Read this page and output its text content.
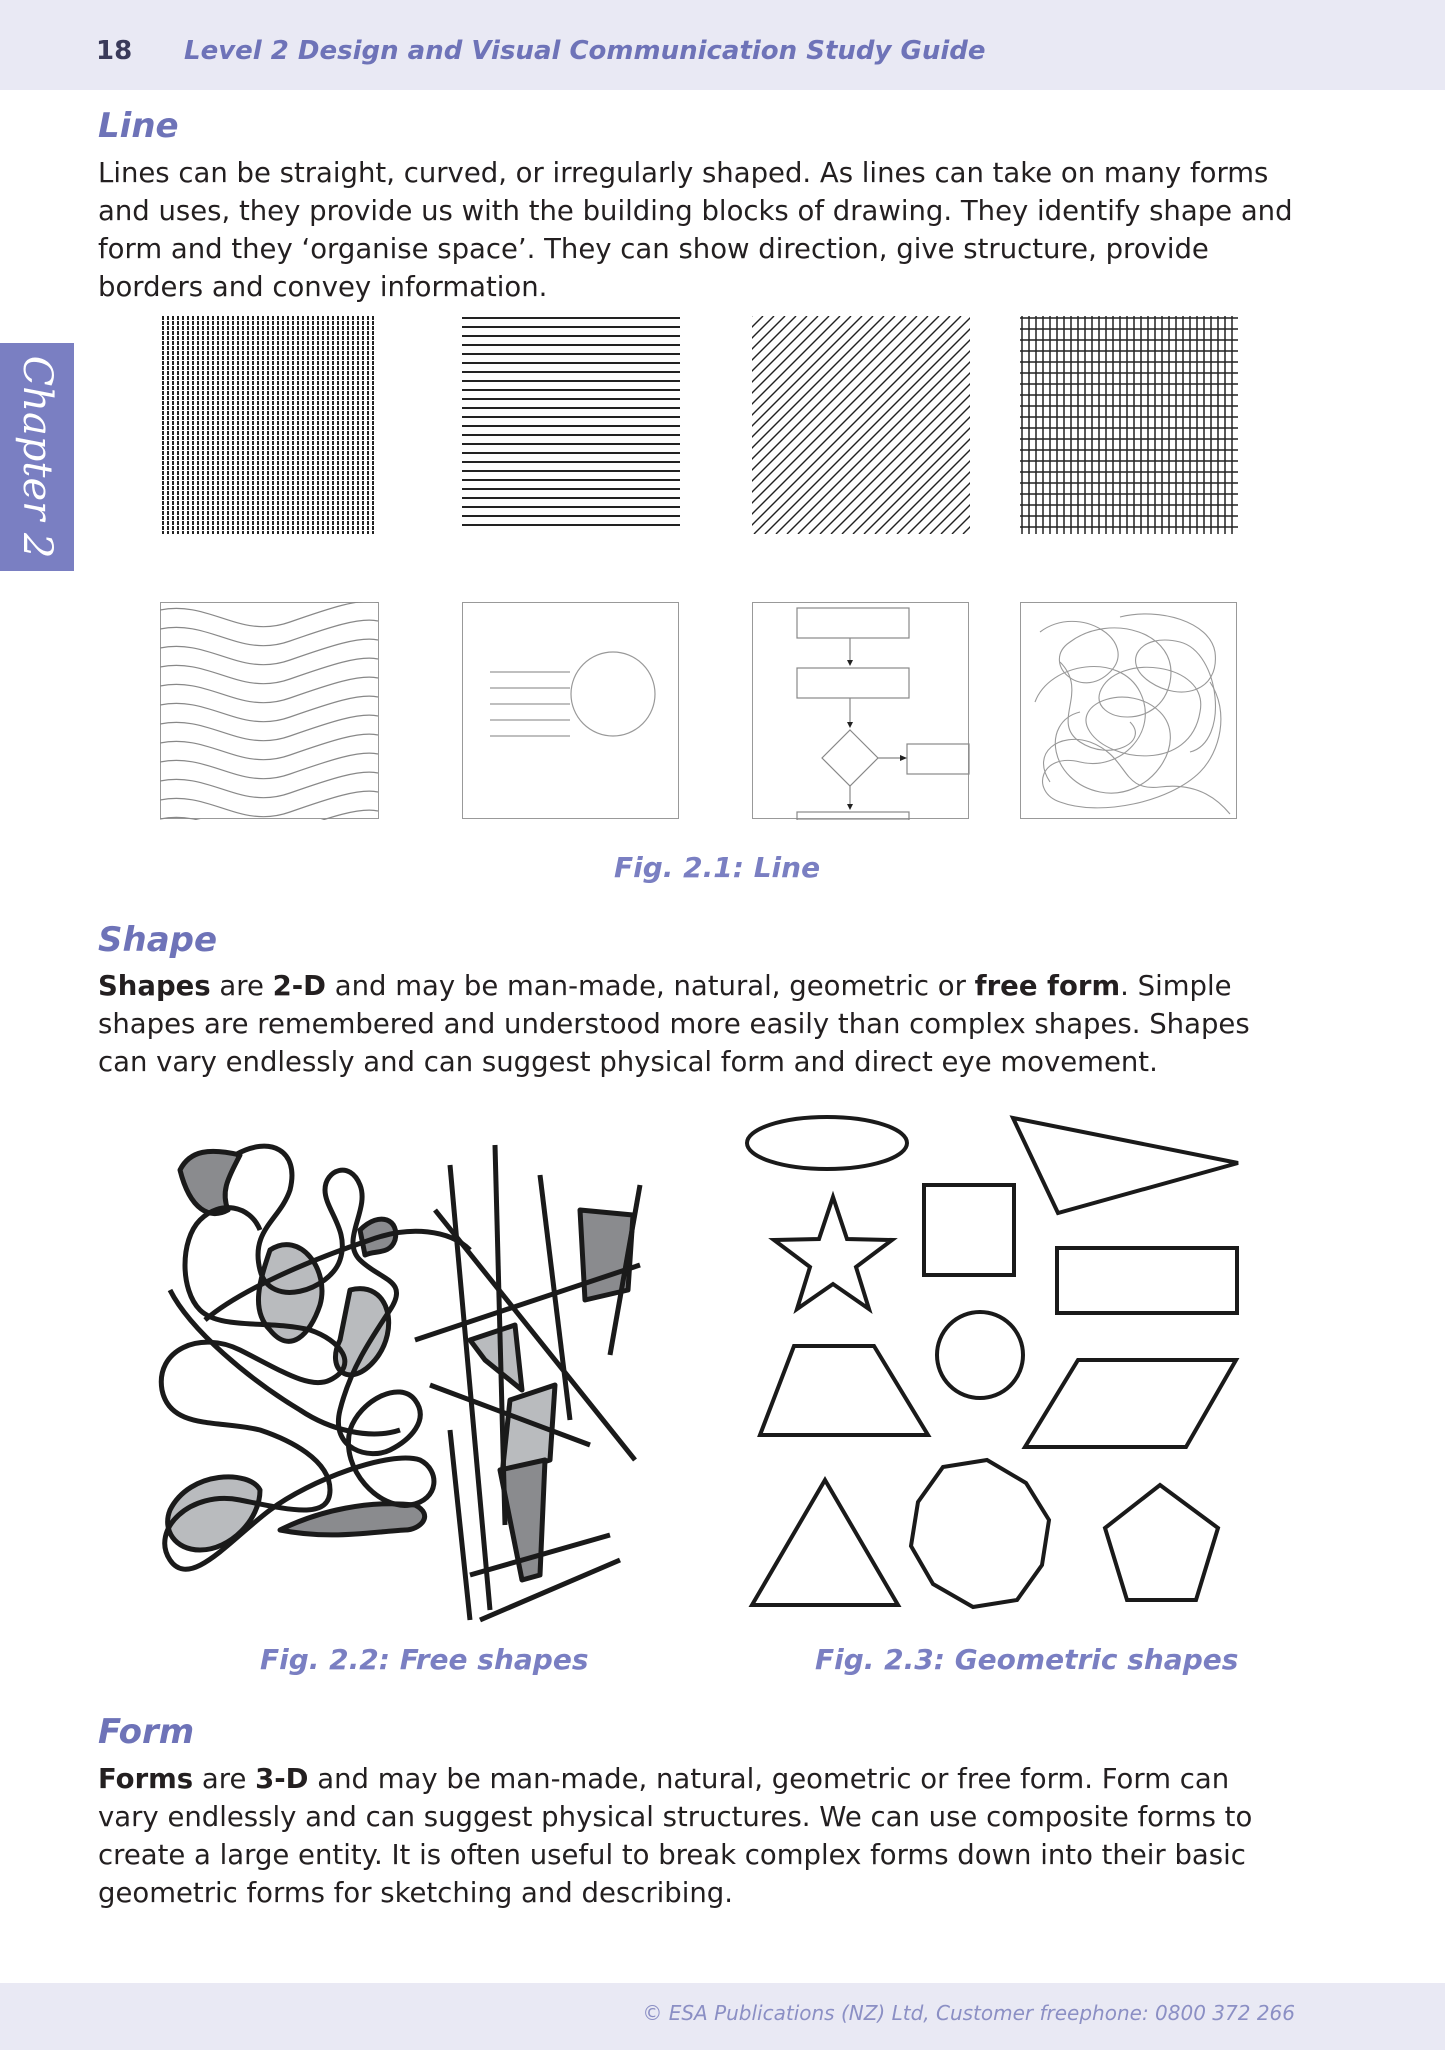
18 Level 2 Design and Visual Communication Study Guide
Chapter 2
Line

Lines can be straight, curved, or irregularly shaped. As lines can take on many forms and uses, they provide us with the building blocks of drawing. They identify shape and form and they ‘organise space’. They can show direction, give structure, provide borders and convey information.

Fig. 2.1: Line

Shape

Shapes are 2-D and may be man-made, natural, geometric or free form. Simple shapes are remembered and understood more easily than complex shapes. Shapes can vary endlessly and can suggest physical form and direct eye movement.

Fig. 2.2: Free shapes	Fig. 2.3: Geometric shapes

Form

Forms are 3-D and may be man-made, natural, geometric or free form. Form can vary endlessly and can suggest physical structures. We can use composite forms to create a large entity. It is often useful to break complex forms down into their basic geometric forms for sketching and describing.

© ESA Publications (NZ) Ltd, Customer freephone: 0800 372 266
